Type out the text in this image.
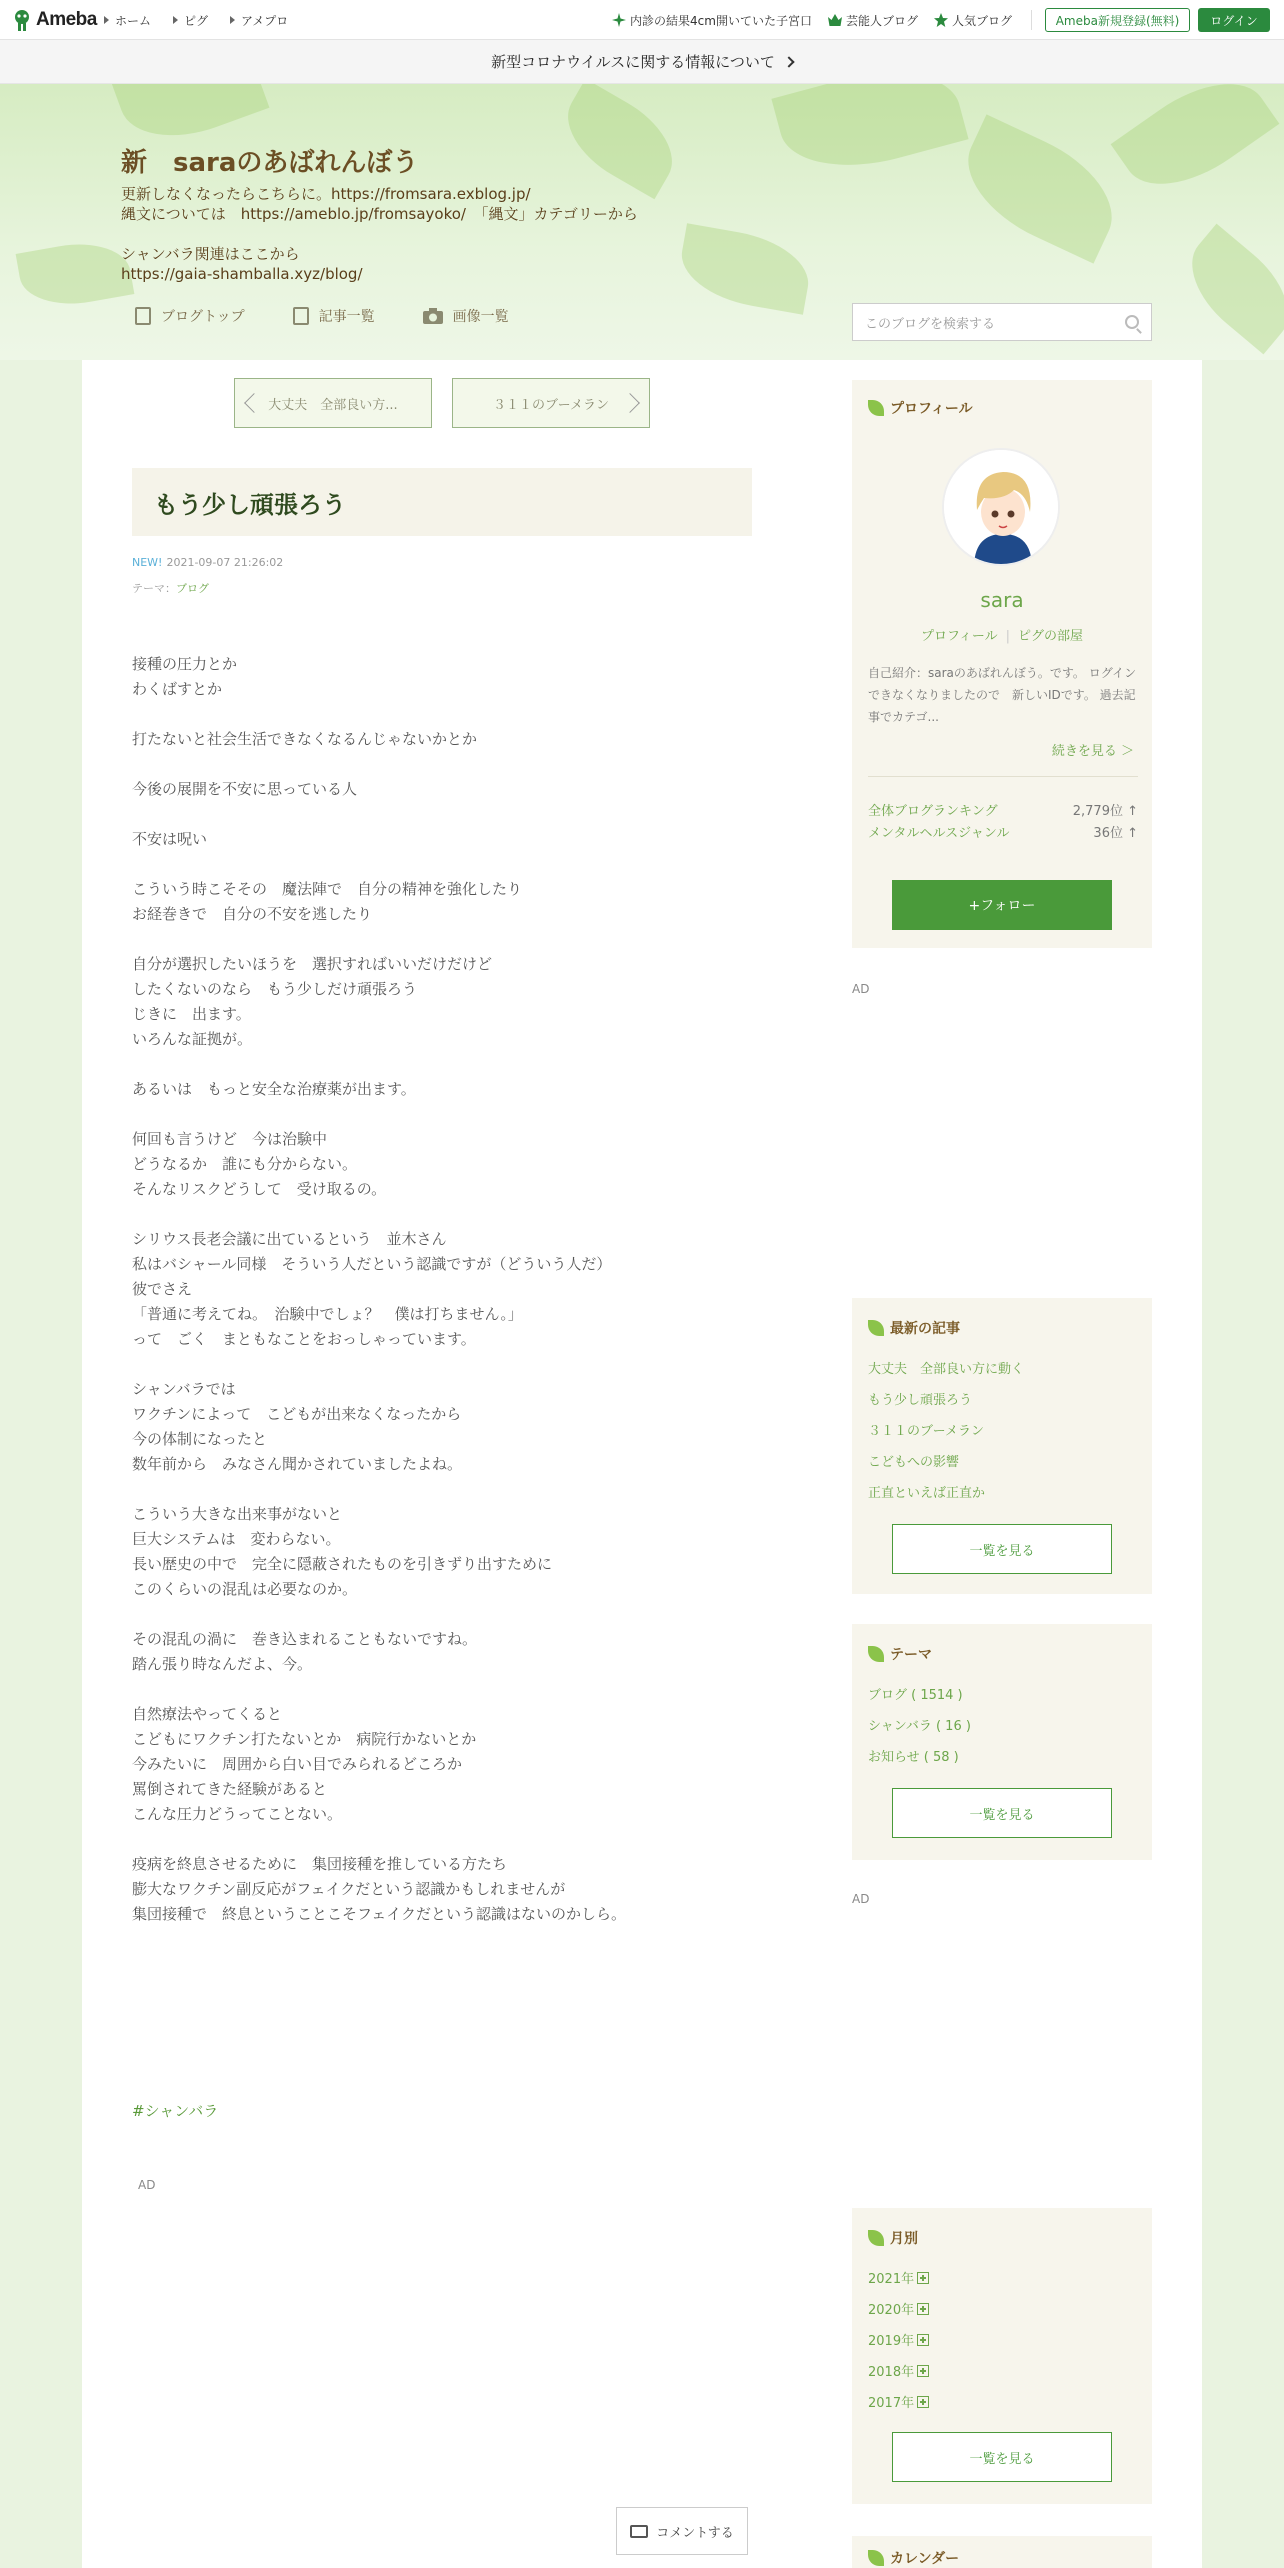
Ameba ホーム	ピグ	アメプロ	内診の結果4cm開いていた子宮口	芸能人ブログ	人気ブログ	Ameba新規登録(無料)	ログイン
新型コロナウイルスに関する情報について
新　saraのあばれんぼう
更新しなくなったらこちらに。https://fromsara.exblog.jp/
縄文については　https://ameblo.jp/fromsayoko/　「縄文」カテゴリーから

シャンバラ関連はここから
https://gaia-shamballa.xyz/blog/
ブログトップ	記事一覧	画像一覧	このブログを検索する
大丈夫　全部良い方...	３１１のブーメラン
もう少し頑張ろう
NEW! 2021-09-07 21:26:02
テーマ：ブログ

接種の圧力とか
わくばすとか

打たないと社会生活できなくなるんじゃないかとか

今後の展開を不安に思っている人

不安は呪い

こういう時こそその　魔法陣で　自分の精神を強化したり
お経巻きで　自分の不安を逃したり

自分が選択したいほうを　選択すればいいだけだけど
したくないのなら　もう少しだけ頑張ろう
じきに　出ます。
いろんな証拠が。

あるいは　もっと安全な治療薬が出ます。

何回も言うけど　今は治験中
どうなるか　誰にも分からない。
そんなリスクどうして　受け取るの。

シリウス長老会議に出ているという　並木さん
私はバシャール同様　そういう人だという認識ですが（どういう人だ）
彼でさえ
「普通に考えてね。　治験中でしょ？　僕は打ちません。」
って　ごく　まともなことをおっしゃっています。

シャンバラでは
ワクチンによって　こどもが出来なくなったから
今の体制になったと
数年前から　みなさん聞かされていましたよね。

こういう大きな出来事がないと
巨大システムは　変わらない。
長い歴史の中で　完全に隠蔽されたものを引きずり出すために
このくらいの混乱は必要なのか。

その混乱の渦に　巻き込まれることもないですね。
踏ん張り時なんだよ、今。

自然療法やってくると
こどもにワクチン打たないとか　病院行かないとか
今みたいに　周囲から白い目でみられるどころか
罵倒されてきた経験があると
こんな圧力どうってことない。

疫病を終息させるために　集団接種を推している方たち
膨大なワクチン副反応がフェイクだという認識かもしれませんが
集団接種で　終息ということこそフェイクだという認識はないのかしら。

#シャンバラ
AD
コメントする
プロフィール
sara
プロフィール | ピグの部屋
自己紹介：saraのあばれんぼう。です。 ログインできなくなりましたので　新しいIDです。 過去記事でカテゴ...
続きを見る ＞
全体ブログランキング	2,779位 ↑
メンタルヘルスジャンル	36位 ↑
+フォロー
AD
最新の記事
大丈夫　全部良い方に動く
もう少し頑張ろう
３１１のブーメラン
こどもへの影響
正直といえば正直か
一覧を見る
テーマ
ブログ ( 1514 )
シャンバラ ( 16 )
お知らせ ( 58 )
一覧を見る
AD
月別
2021年
2020年
2019年
2018年
2017年
一覧を見る
カレンダー
